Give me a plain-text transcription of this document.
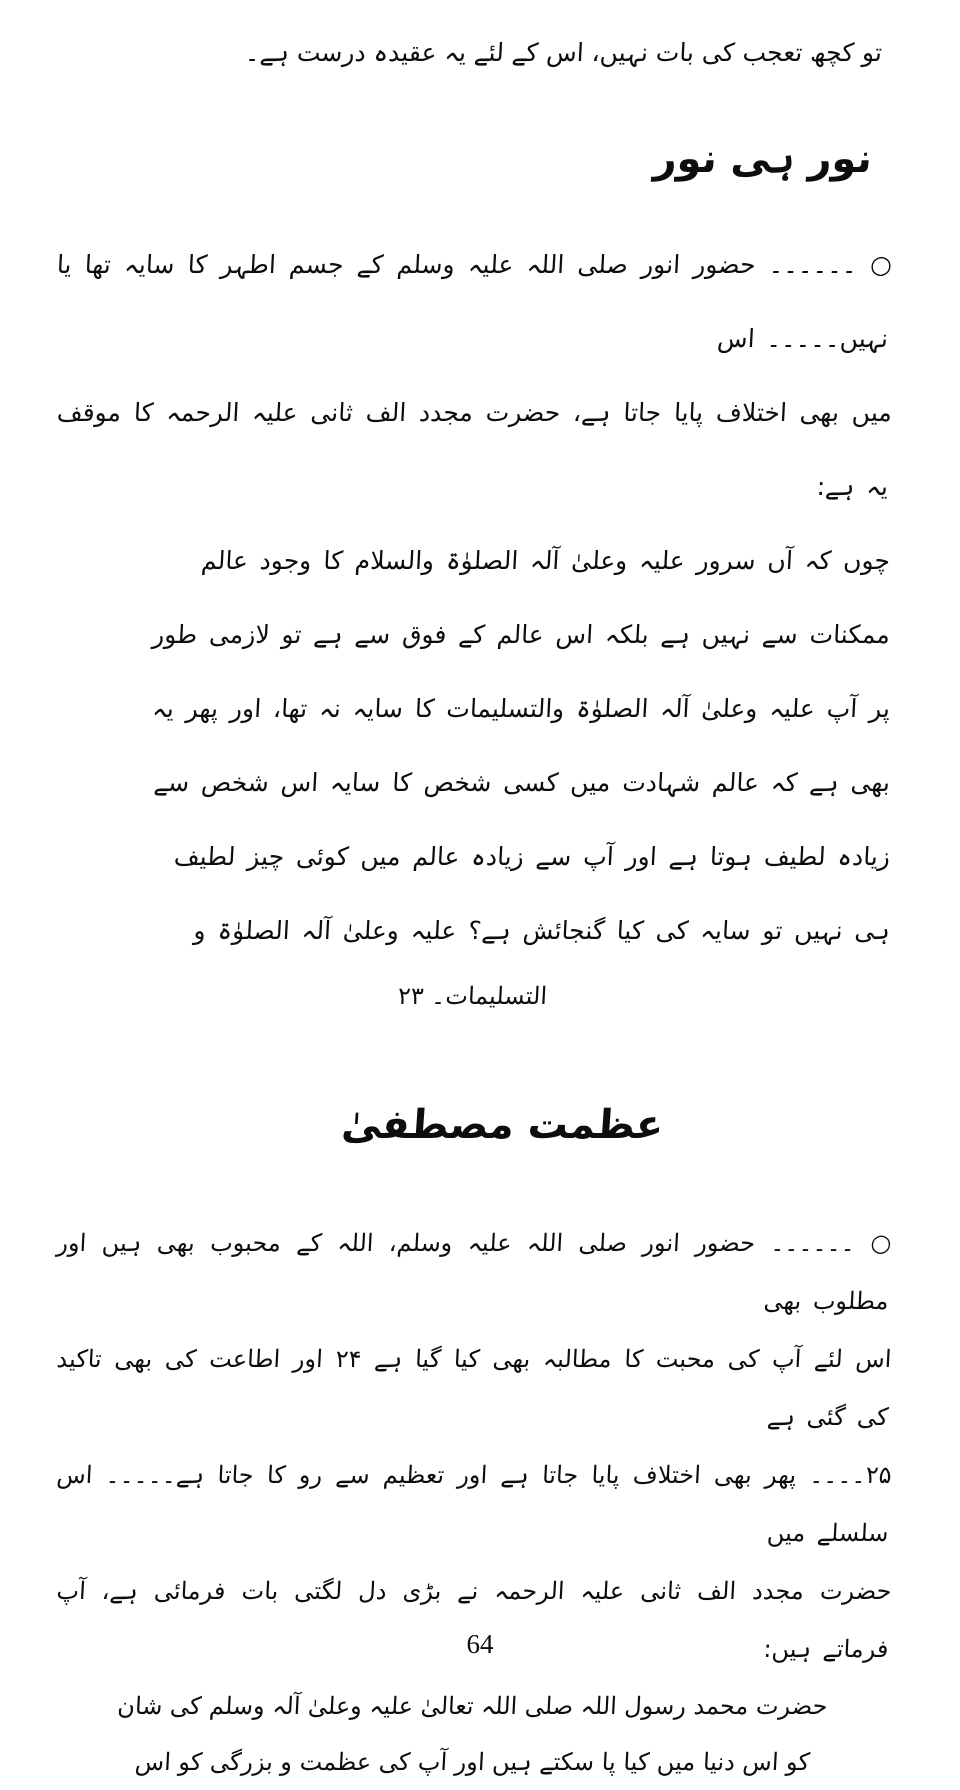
تو کچھ تعجب کی بات نہیں، اس کے لئے یہ عقیدہ درست ہے۔
نور ہی نور
○ ۔۔۔۔۔۔ حضور انور صلی اللہ علیہ وسلم کے جسم اطہر کا سایہ تھا یا نہیں۔۔۔۔۔ اس
میں بھی اختلاف پایا جاتا ہے، حضرت مجدد الف ثانی علیہ الرحمہ کا موقف یہ ہے:
چوں کہ آں سرور علیہ وعلیٰ آلہ الصلوٰۃ والسلام کا وجود عالم
ممکنات سے نہیں ہے بلکہ اس عالم کے فوق سے ہے تو لازمی طور
پر آپ علیہ وعلیٰ آلہ الصلوٰۃ والتسلیمات کا سایہ نہ تھا، اور پھر یہ
بھی ہے کہ عالم شہادت میں کسی شخص کا سایہ اس شخص سے
زیادہ لطیف ہوتا ہے اور آپ سے زیادہ عالم میں کوئی چیز لطیف
ہی نہیں تو سایہ کی کیا گنجائش ہے؟ علیہ وعلیٰ آلہ الصلوٰۃ و
التسلیمات۔ ۲۳
عظمت مصطفیٰ
○ ۔۔۔۔۔۔ حضور انور صلی اللہ علیہ وسلم، اللہ کے محبوب بھی ہیں اور مطلوب بھی
اس لئے آپ کی محبت کا مطالبہ بھی کیا گیا ہے ۲۴ اور اطاعت کی بھی تاکید کی گئی ہے
۲۵۔۔۔۔ پھر بھی اختلاف پایا جاتا ہے اور تعظیم سے رو کا جاتا ہے۔۔۔۔۔ اس سلسلے میں
حضرت مجدد الف ثانی علیہ الرحمہ نے بڑی دل لگتی بات فرمائی ہے، آپ فرماتے ہیں:
حضرت محمد رسول اللہ صلی اللہ تعالیٰ علیہ وعلیٰ آلہ وسلم کی شان
کو اس دنیا میں کیا پا سکتے ہیں اور آپ کی عظمت و بزرگی کو اس
64
